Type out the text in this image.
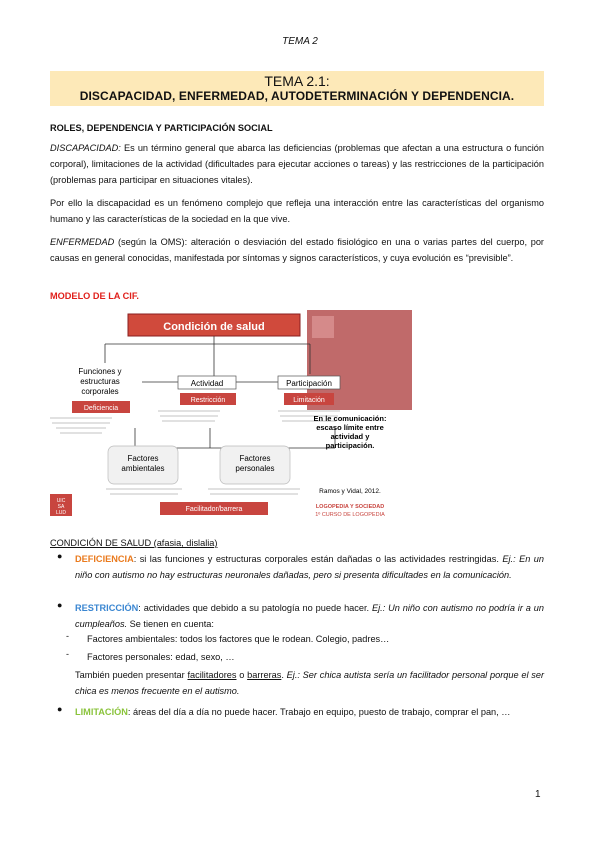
TEMA 2
TEMA 2.1:
DISCAPACIDAD, ENFERMEDAD, AUTODETERMINACIÓN Y DEPENDENCIA.
ROLES, DEPENDENCIA Y PARTICIPACIÓN SOCIAL
DISCAPACIDAD: Es un término general que abarca las deficiencias (problemas que afectan a una estructura o función corporal), limitaciones de la actividad (dificultades para ejecutar acciones o tareas) y las restricciones de la participación (problemas para participar en situaciones vitales).
Por ello la discapacidad es un fenómeno complejo que refleja una interacción entre las características del organismo humano y las características de la sociedad en la que vive.
ENFERMEDAD (según la OMS): alteración o desviación del estado fisiológico en una o varias partes del cuerpo, por causas en general conocidas, manifestada por síntomas y signos característicos, y cuya evolución es “previsible”.
MODELO DE LA CIF.
Condición de salud
Funciones y estructuras corporales
Deficiencia
Actividad
Restricción
Participación
Limitación
Factores ambientales
Factores personales
Facilitador/barrera
UIC
SA
LUD
En le comunicación: escaso límite entre actividad y participación.
Ramos y Vidal, 2012.
LOGOPEDIA Y SOCIEDAD
1º CURSO DE LOGOPEDIA
CONDICIÓN DE SALUD (afasia, dislalia)
● DEFICIENCIA: si las funciones y estructuras corporales están dañadas o las actividades restringidas. Ej.: En un niño con autismo no hay estructuras neuronales dañadas, pero si presenta dificultades en la comunicación.
● RESTRICCIÓN: actividades que debido a su patología no puede hacer. Ej.: Un niño con autismo no podría ir a un cumpleaños. Se tienen en cuenta:
- Factores ambientales: todos los factores que le rodean. Colegio, padres…
- Factores personales: edad, sexo, …
También pueden presentar facilitadores o barreras. Ej.: Ser chica autista sería un facilitador personal porque el ser chica es menos frecuente en el autismo.
● LIMITACIÓN: áreas del día a día no puede hacer. Trabajo en equipo, puesto de trabajo, comprar el pan, …
1
